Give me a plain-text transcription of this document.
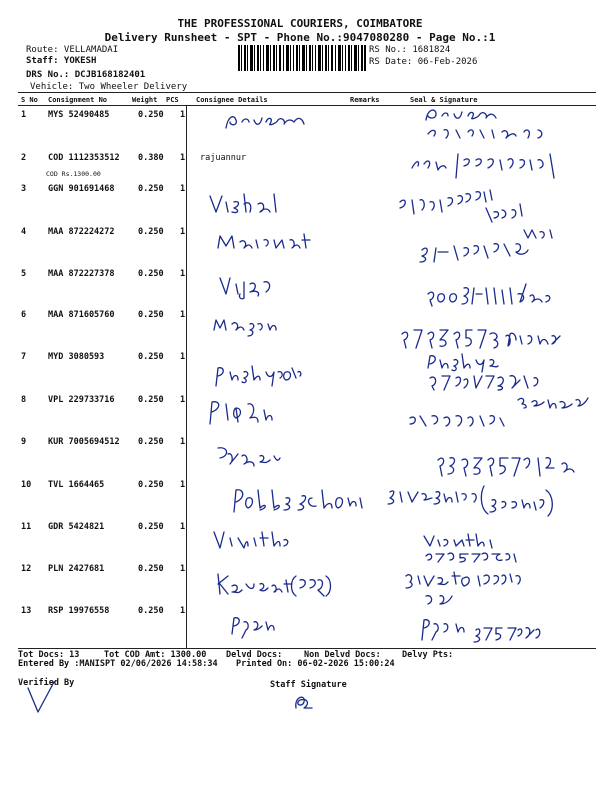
THE PROFESSIONAL COURIERS, COIMBATORE
Delivery Runsheet - SPT - Phone No.:9047080280 - Page No.:1
Route: VELLAMADAI
Staff: YOKESH
DRS No.: DCJB168182401
Vehicle: Two Wheeler Delivery
RS No.: 1681824
RS Date: 06-Feb-2026
S No Consignment No	Weight PCS Consignee Details	Remarks	Seal & Signature
1	MYS 52490485	0.250 1
2	COD 1112353512 0.380 1 rajuannur
COD Rs.1300.00
3	GGN 901691468	0.250 1
4	MAA 872224272	0.250 1
5	MAA 872227378	0.250 1
6	MAA 871605760	0.250 1
7	MYD 3080593	0.250 1
8	VPL 229733716	0.250 1
9	KUR 7005694512 0.250 1
10 TVL 1664465	0.250 1
11 GDR 5424821	0.250 1
12 PLN 2427681	0.250 1
13 RSP 19976558	0.250 1
Tot Docs: 13	Tot COD Amt: 1300.00 Delvd Docs:	Non Delvd Docs: Delvy Pts:
Entered By :MANISPT 02/06/2026 14:58:34 Printed On: 06-02-2026 15:00:24
Verified By	Staff Signature
